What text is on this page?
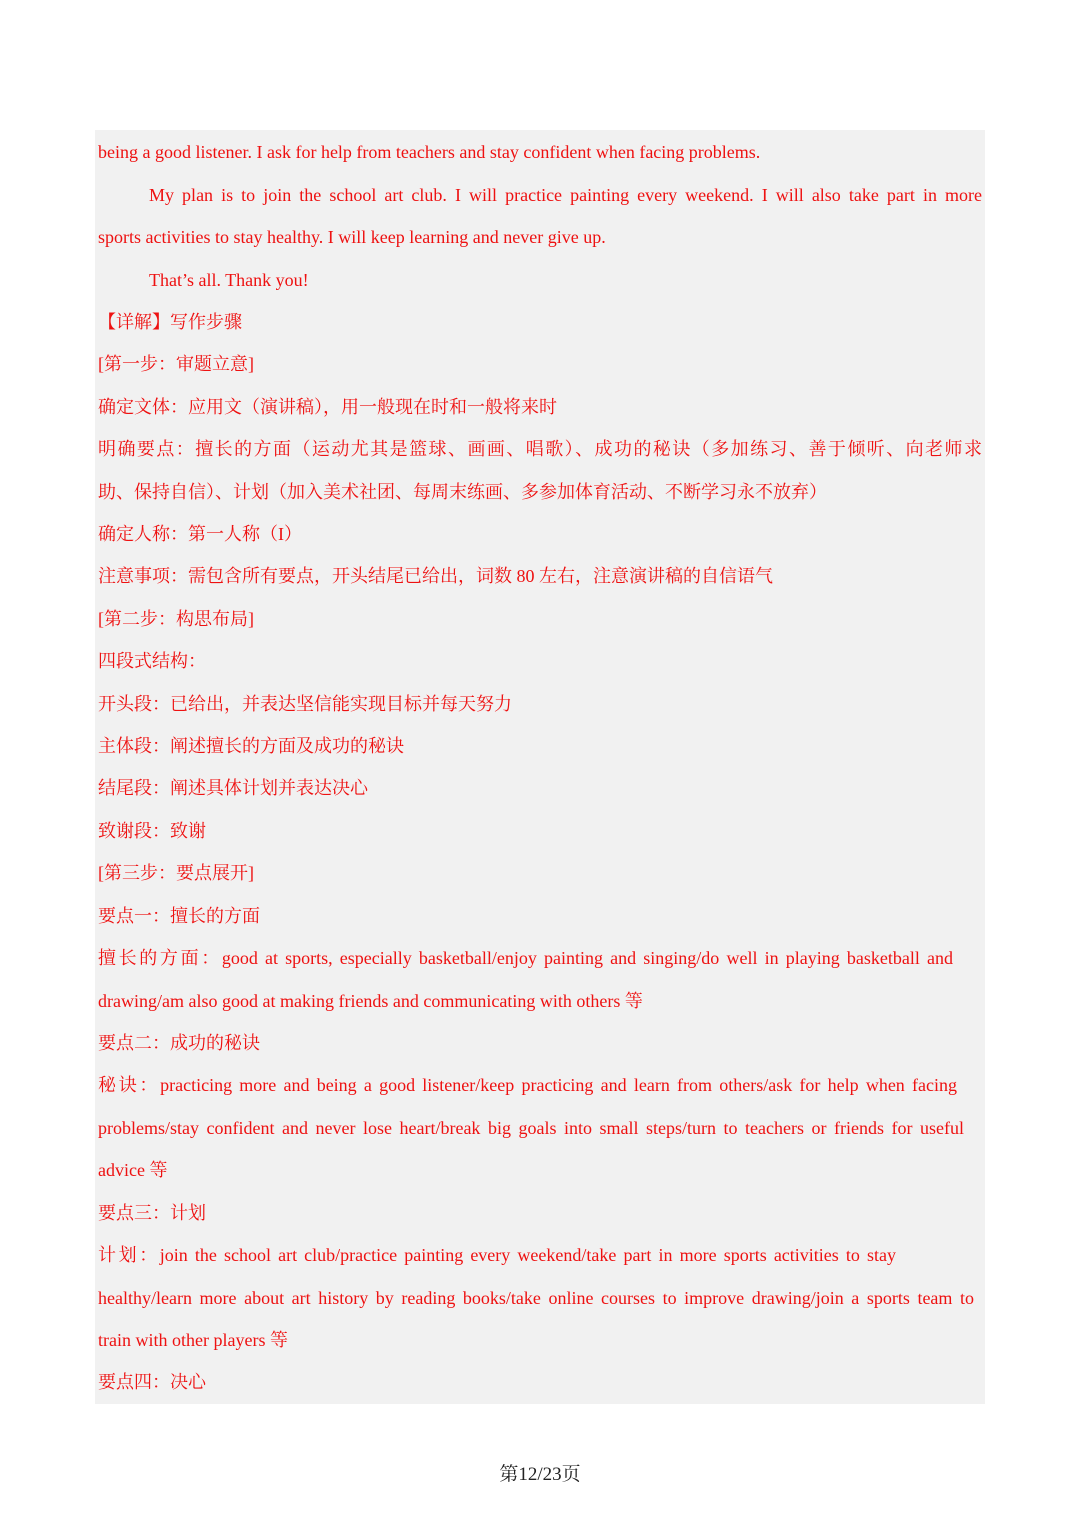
being a good listener. I ask for help from teachers and stay confident when facing problems.
My plan is to join the school art club. I will practice painting every weekend. I will also take part in more
sports activities to stay healthy. I will keep learning and never give up.
That’s all. Thank you!
【详解】写作步骤
[第一步：审题立意]
确定文体：应用文（演讲稿），用一般现在时和一般将来时
明确要点：擅长的方面（运动尤其是篮球、画画、唱歌）、成功的秘诀（多加练习、善于倾听、向老师求
助、保持自信）、计划（加入美术社团、每周末练画、多参加体育活动、不断学习永不放弃）
确定人称：第一人称（I）
注意事项：需包含所有要点，开头结尾已给出，词数 80 左右，注意演讲稿的自信语气
[第二步：构思布局]
四段式结构：
开头段：已给出，并表达坚信能实现目标并每天努力
主体段：阐述擅长的方面及成功的秘诀
结尾段：阐述具体计划并表达决心
致谢段：致谢
[第三步：要点展开]
要点一：擅长的方面
擅长的方面：good at sports, especially basketball/enjoy painting and singing/do well in playing basketball and
drawing/am also good at making friends and communicating with others 等
要点二：成功的秘诀
秘诀：practicing more and being a good listener/keep practicing and learn from others/ask for help when facing
problems/stay confident and never lose heart/break big goals into small steps/turn to teachers or friends for useful
advice 等
要点三：计划
计划：join the school art club/practice painting every weekend/take part in more sports activities to stay
healthy/learn more about art history by reading books/take online courses to improve drawing/join a sports team to
train with other players 等
要点四：决心
第12/23页
